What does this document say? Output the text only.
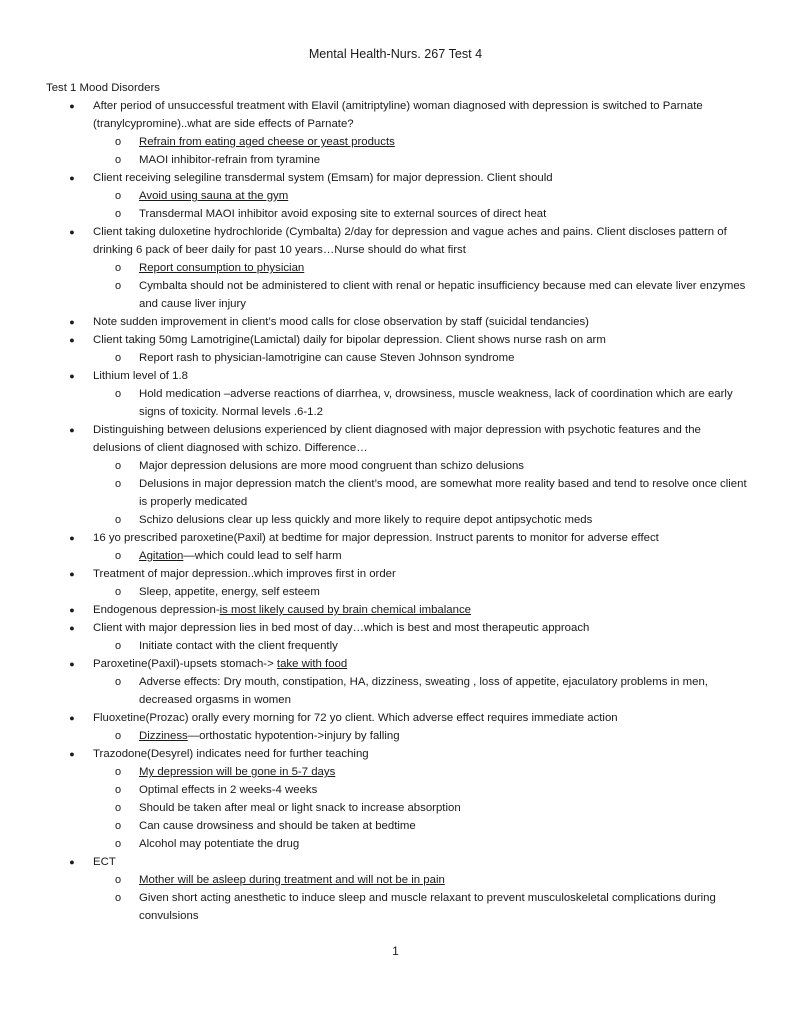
Mental Health-Nurs. 267 Test 4
Test 1 Mood Disorders
● After period of unsuccessful treatment with Elavil (amitriptyline) woman diagnosed with depression is switched to Parnate (tranylcypromine)..what are side effects of Parnate?
o Refrain from eating aged cheese or yeast products
o MAOI inhibitor-refrain from tyramine
● Client receiving selegiline transdermal system (Emsam) for major depression. Client should
o Avoid using sauna at the gym
o Transdermal MAOI inhibitor avoid exposing site to external sources of direct heat
● Client taking duloxetine hydrochloride (Cymbalta) 2/day for depression and vague aches and pains. Client discloses pattern of drinking 6 pack of beer daily for past 10 years…Nurse should do what first
o Report consumption to physician
o Cymbalta should not be administered to client with renal or hepatic insufficiency because med can elevate liver enzymes and cause liver injury
● Note sudden improvement in client’s mood calls for close observation by staff (suicidal tendancies)
● Client taking 50mg Lamotrigine(Lamictal) daily for bipolar depression. Client shows nurse rash on arm
o Report rash to physician-lamotrigine can cause Steven Johnson syndrome
● Lithium level of 1.8
o Hold medication –adverse reactions of diarrhea, v, drowsiness, muscle weakness, lack of coordination which are early signs of toxicity. Normal levels .6-1.2
● Distinguishing between delusions experienced by client diagnosed with major depression with psychotic features and the delusions of client diagnosed with schizo. Difference…
o Major depression delusions are more mood congruent than schizo delusions
o Delusions in major depression match the client’s mood, are somewhat more reality based and tend to resolve once client is properly medicated
o Schizo delusions clear up less quickly and more likely to require depot antipsychotic meds
● 16 yo prescribed paroxetine(Paxil) at bedtime for major depression. Instruct parents to monitor for adverse effect
o Agitation—which could lead to self harm
● Treatment of major depression..which improves first in order
o Sleep, appetite, energy, self esteem
● Endogenous depression-is most likely caused by brain chemical imbalance
● Client with major depression lies in bed most of day…which is best and most therapeutic approach
o Initiate contact with the client frequently
● Paroxetine(Paxil)-upsets stomach-> take with food
o Adverse effects: Dry mouth, constipation, HA, dizziness, sweating , loss of appetite, ejaculatory problems in men, decreased orgasms in women
● Fluoxetine(Prozac) orally every morning for 72 yo client. Which adverse effect requires immediate action
o Dizziness—orthostatic hypotention->injury by falling
● Trazodone(Desyrel) indicates need for further teaching
o My depression will be gone in 5-7 days
o Optimal effects in 2 weeks-4 weeks
o Should be taken after meal or light snack to increase absorption
o Can cause drowsiness and should be taken at bedtime
o Alcohol may potentiate the drug
● ECT
o Mother will be asleep during treatment and will not be in pain
o Given short acting anesthetic to induce sleep and muscle relaxant to prevent musculoskeletal complications during convulsions
1
